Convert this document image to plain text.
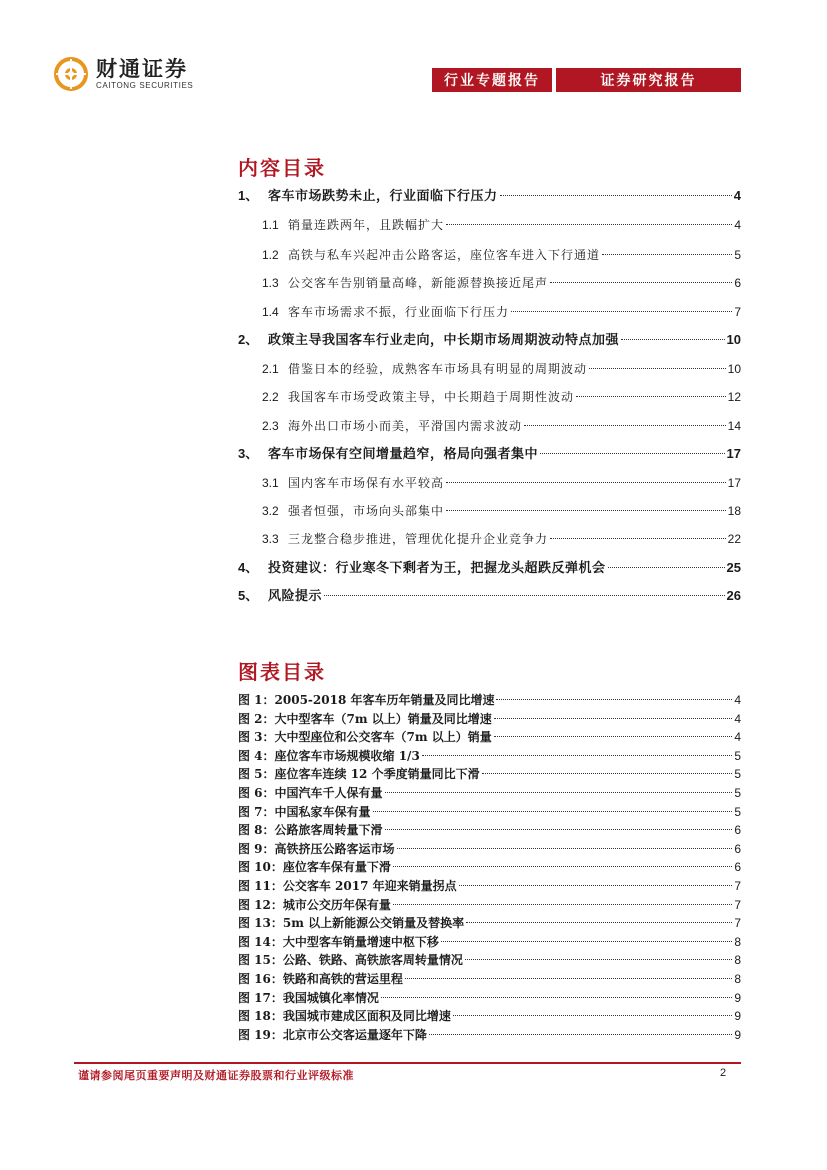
财通证券
CAITONG SECURITIES	行业专题报告	证券研究报告
内容目录
1、 客车市场跌势未止，行业面临下行压力	4
1.1 销量连跌两年，且跌幅扩大	4
1.2 高铁与私车兴起冲击公路客运，座位客车进入下行通道	5
1.3 公交客车告别销量高峰，新能源替换接近尾声	6
1.4 客车市场需求不振，行业面临下行压力	7
2、 政策主导我国客车行业走向，中长期市场周期波动特点加强	10
2.1 借鉴日本的经验，成熟客车市场具有明显的周期波动	10
2.2 我国客车市场受政策主导，中长期趋于周期性波动	12
2.3 海外出口市场小而美，平滑国内需求波动	14
3、 客车市场保有空间增量趋窄，格局向强者集中	17
3.1 国内客车市场保有水平较高	17
3.2 强者恒强，市场向头部集中	18
3.3 三龙整合稳步推进，管理优化提升企业竞争力	22
4、 投资建议：行业寒冬下剩者为王，把握龙头超跌反弹机会	25
5、 风险提示	26
图表目录
图 1：2005-2018 年客车历年销量及同比增速	4
图 2：大中型客车（7m 以上）销量及同比增速	4
图 3：大中型座位和公交客车（7m 以上）销量	4
图 4：座位客车市场规模收缩 1/3	5
图 5：座位客车连续 12 个季度销量同比下滑	5
图 6：中国汽车千人保有量	5
图 7：中国私家车保有量	5
图 8：公路旅客周转量下滑	6
图 9：高铁挤压公路客运市场	6
图 10：座位客车保有量下滑	6
图 11：公交客车 2017 年迎来销量拐点	7
图 12：城市公交历年保有量	7
图 13：5m 以上新能源公交销量及替换率	7
图 14：大中型客车销量增速中枢下移	8
图 15：公路、铁路、高铁旅客周转量情况	8
图 16：铁路和高铁的营运里程	8
图 17：我国城镇化率情况	9
图 18：我国城市建成区面积及同比增速	9
图 19：北京市公交客运量逐年下降	9
谨请参阅尾页重要声明及财通证券股票和行业评级标准	2
